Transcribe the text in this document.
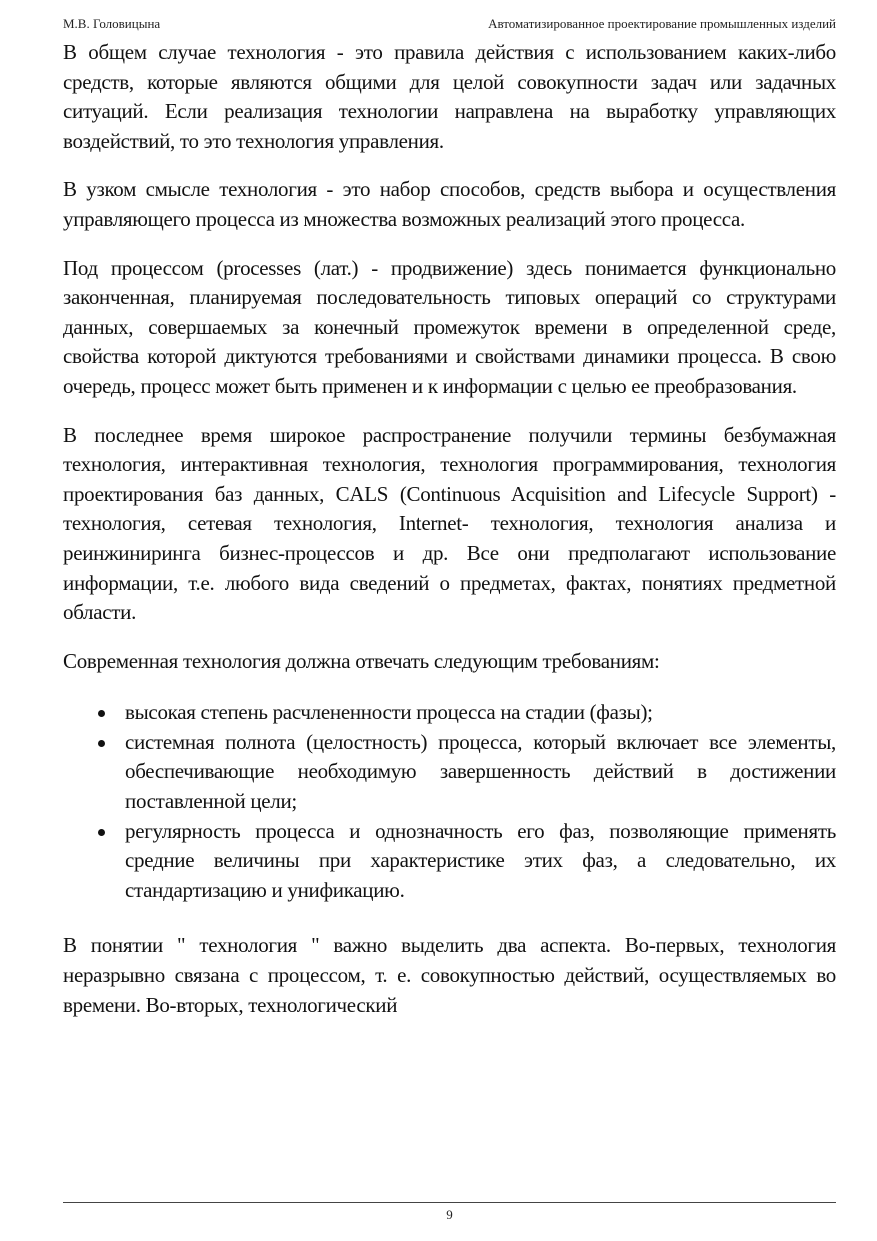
М.В. Головицына	Автоматизированное проектирование промышленных изделий

В общем случае технология - это правила действия с использованием каких-либо средств, которые являются общими для целой совокупности задач или задачных ситуаций. Если реализация технологии направлена на выработку управляющих воздействий, то это технология управления.

В узком смысле технология - это набор способов, средств выбора и осуществления управляющего процесса из множества возможных реализаций этого процесса.

Под процессом (processes (лат.) - продвижение) здесь понимается функционально законченная, планируемая последовательность типовых операций со структурами данных, совершаемых за конечный промежуток времени в определенной среде, свойства которой диктуются требованиями и свойствами динамики процесса. В свою очередь, процесс может быть применен и к информации с целью ее преобразования.

В последнее время широкое распространение получили термины безбумажная технология, интерактивная технология, технология программирования, технология проектирования баз данных, CALS (Continuous Acquisition and Lifecycle Support) - технология, сетевая технология, Internet- технология, технология анализа и реинжиниринга бизнес-процессов и др. Все они предполагают использование информации, т.е. любого вида сведений о предметах, фактах, понятиях предметной области.

Современная технология должна отвечать следующим требованиям:

высокая степень расчлененности процесса на стадии (фазы);
системная полнота (целостность) процесса, который включает все элементы, обеспечивающие необходимую завершенность действий в достижении поставленной цели;
регулярность процесса и однозначность его фаз, позволяющие применять средние величины при характеристике этих фаз, а следовательно, их стандартизацию и унификацию.

В понятии " технология " важно выделить два аспекта. Во-первых, технология неразрывно связана с процессом, т. е. совокупностью действий, осуществляемых во времени. Во-вторых, технологический

9
